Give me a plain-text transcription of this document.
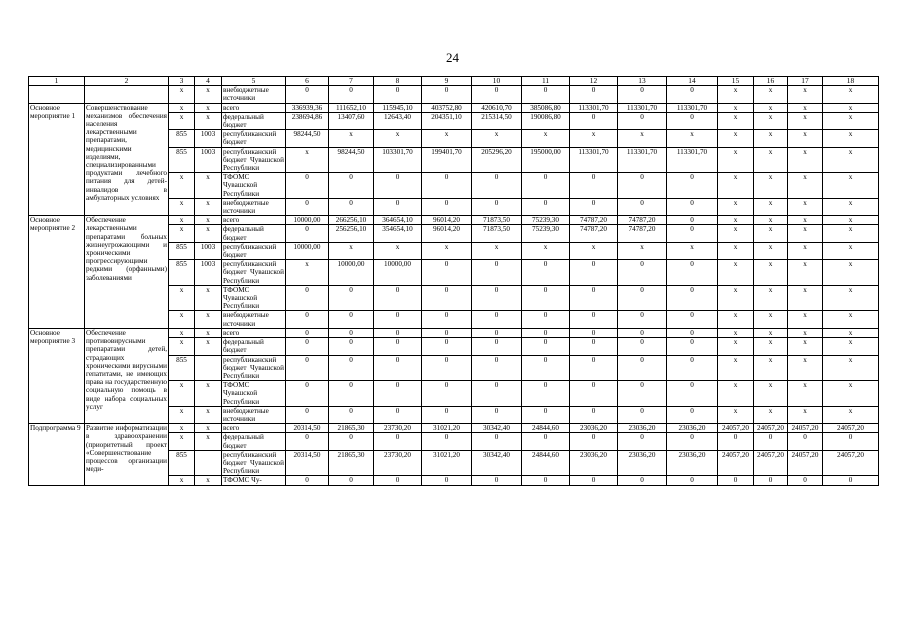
24
1	2	3	4	5	6	7	8	9	10	11	12	13	14	15	16	17	18
		x	x	внебюджетные источники	0	0	0	0	0	0	0	0	0	x	x	x	x
Основное мероприятие 1	Совершенствование механизмов обеспечения населения лекарственными препаратами, медицинскими изделиями, специализированными продуктами лечебного питания для детей-инвалидов в амбулаторных условиях	x	x	всего	336939,36	111652,10	115945,10	403752,80	420610,70	385086,80	113301,70	113301,70	113301,70	x	x	x	x
		x	x	федеральный бюджет	238694,86	13407,60	12643,40	204351,10	215314,50	190086,80	0	0	0	x	x	x	x
		855	1003	республиканский бюджет	98244,50	x	x	x	x	x	x	x	x	x	x	x	x
		855	1003	республиканский бюджет Чувашской Республики	x	98244,50	103301,70	199401,70	205296,20	195000,00	113301,70	113301,70	113301,70	x	x	x	x
		x	x	ТФОМС Чувашской Республики	0	0	0	0	0	0	0	0	0	x	x	x	x
		x	x	внебюджетные источники	0	0	0	0	0	0	0	0	0	x	x	x	x
Основное мероприятие 2	Обеспечение лекарственными препаратами больных жизнеугрожающими и хроническими прогрессирующими редкими (орфанными) заболеваниями	x	x	всего	10000,00	266256,10	364654,10	96014,20	71873,50	75239,30	74787,20	74787,20	0	x	x	x	x
		x	x	федеральный бюджет	0	256256,10	354654,10	96014,20	71873,50	75239,30	74787,20	74787,20	0	x	x	x	x
		855	1003	республиканский бюджет	10000,00	x	x	x	x	x	x	x	x	x	x	x	x
		855	1003	республиканский бюджет Чувашской Республики	x	10000,00	10000,00	0	0	0	0	0	0	x	x	x	x
		x	x	ТФОМС Чувашской Республики	0	0	0	0	0	0	0	0	0	x	x	x	x
		x	x	внебюджетные источники	0	0	0	0	0	0	0	0	0	x	x	x	x
Основное мероприятие 3	Обеспечение противовирусными препаратами детей, страдающих хроническими вирусными гепатитами, не имеющих права на государственную социальную помощь в виде набора социальных услуг	x	x	всего	0	0	0	0	0	0	0	0	0	x	x	x	x
		x	x	федеральный бюджет	0	0	0	0	0	0	0	0	0	x	x	x	x
		855		республиканский бюджет Чувашской Республики	0	0	0	0	0	0	0	0	0	x	x	x	x
		x	x	ТФОМС Чувашской Республики	0	0	0	0	0	0	0	0	0	x	x	x	x
		x	x	внебюджетные источники	0	0	0	0	0	0	0	0	0	x	x	x	x
Подпрограмма 9	Развитие информатизации в здравоохранении (приоритетный проект «Совершенствование процессов организации меди-	x	x	всего	20314,50	21865,30	23730,20	31021,20	30342,40	24844,60	23036,20	23036,20	23036,20	24057,20	24057,20	24057,20	24057,20
		x	x	федеральный бюджет	0	0	0	0	0	0	0	0	0	0	0	0	0
		855		республиканский бюджет Чувашской Республики	20314,50	21865,30	23730,20	31021,20	30342,40	24844,60	23036,20	23036,20	23036,20	24057,20	24057,20	24057,20	24057,20
		x	x	ТФОМС Чу-	0	0	0	0	0	0	0	0	0	0	0	0	0
